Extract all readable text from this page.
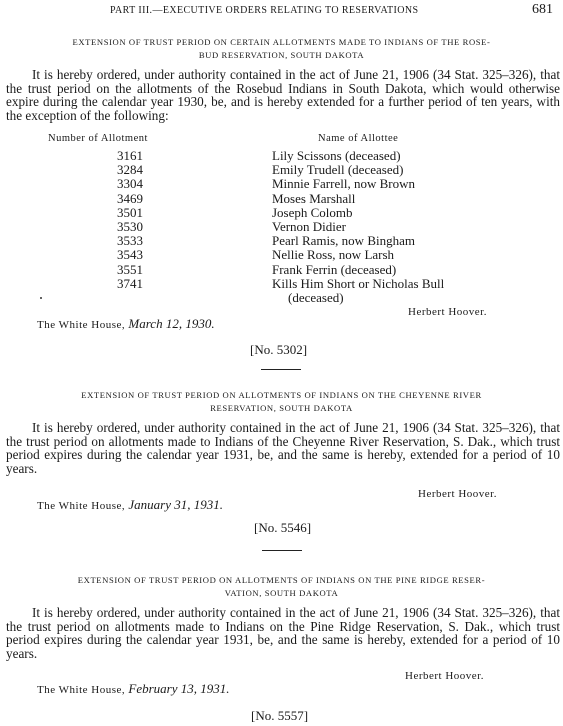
PART III.—EXECUTIVE ORDERS RELATING TO RESERVATIONS	681
EXTENSION OF TRUST PERIOD ON CERTAIN ALLOTMENTS MADE TO INDIANS OF THE ROSE-
BUD RESERVATION, SOUTH DAKOTA

It is hereby ordered, under authority contained in the act of June 21, 1906 (34 Stat. 325–326), that the trust period on the allotments of the Rosebud Indians in South Dakota, which would otherwise expire during the calendar year 1930, be, and is hereby extended for a further period of ten years, with the exception of the following:

Number of Allotment	Name of Allottee
3161
3284
3304
3469
3501
3530
3533
3543
3551
3741
Lily Scissons (deceased)
Emily Trudell (deceased)
Minnie Farrell, now Brown
Moses Marshall
Joseph Colomb
Vernon Didier
Pearl Ramis, now Bingham
Nellie Ross, now Larsh
Frank Ferrin (deceased)
Kills Him Short or Nicholas Bull
(deceased)
Herbert Hoover.
The White House, March 12, 1930.
[No. 5302]
EXTENSION OF TRUST PERIOD ON ALLOTMENTS OF INDIANS ON THE CHEYENNE RIVER
RESERVATION, SOUTH DAKOTA

It is hereby ordered, under authority contained in the act of June 21, 1906 (34 Stat. 325–326), that the trust period on allotments made to Indians of the Cheyenne River Reservation, S. Dak., which trust period expires during the calendar year 1931, be, and the same is hereby, extended for a period of 10 years.

Herbert Hoover.
The White House, January 31, 1931.
[No. 5546]
EXTENSION OF TRUST PERIOD ON ALLOTMENTS OF INDIANS ON THE PINE RIDGE RESER-
VATION, SOUTH DAKOTA

It is hereby ordered, under authority contained in the act of June 21, 1906 (34 Stat. 325–326), that the trust period on allotments made to Indians on the Pine Ridge Reservation, S. Dak., which trust period expires during the calendar year 1931, be, and the same is hereby, extended for a period of 10 years.

Herbert Hoover.
The White House, February 13, 1931.
[No. 5557]
